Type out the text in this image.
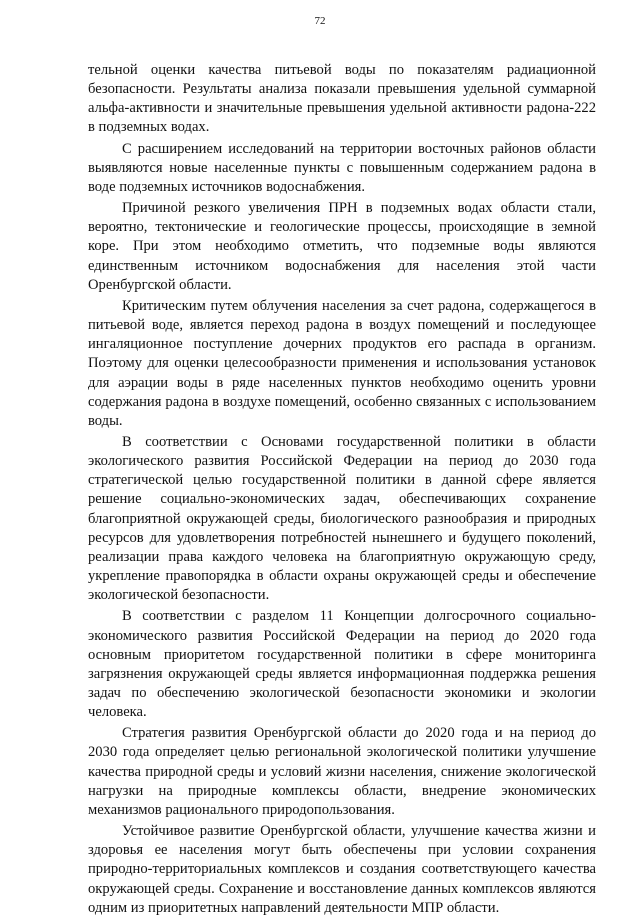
72

тельной оценки качества питьевой воды по показателям радиационной безопасности. Результаты анализа показали превышения удельной суммарной альфа-активности и значительные превышения удельной активности радона-222 в подземных водах.

С расширением исследований на территории восточных районов области выявляются новые населенные пункты с повышенным содержанием радона в воде подземных источников водоснабжения.

Причиной резкого увеличения ПРН в подземных водах области стали, вероятно, тектонические и геологические процессы, происходящие в земной коре. При этом необходимо отметить, что подземные воды являются единственным источником водоснабжения для населения этой части Оренбургской области.

Критическим путем облучения населения за счет радона, содержащегося в питьевой воде, является переход радона в воздух помещений и последующее ингаляционное поступление дочерних продуктов его распада в организм. Поэтому для оценки целесообразности применения и использования установок для аэрации воды в ряде населенных пунктов необходимо оценить уровни содержания радона в воздухе помещений, особенно связанных с использованием воды.

В соответствии с Основами государственной политики в области экологического развития Российской Федерации на период до 2030 года стратегической целью государственной политики в данной сфере является решение социально-экономических задач, обеспечивающих сохранение благоприятной окружающей среды, биологического разнообразия и природных ресурсов для удовлетворения потребностей нынешнего и будущего поколений, реализации права каждого человека на благоприятную окружающую среду, укрепление правопорядка в области охраны окружающей среды и обеспечение экологической безопасности.

В соответствии с разделом 11 Концепции долгосрочного социально-экономического развития Российской Федерации на период до 2020 года основным приоритетом государственной политики в сфере мониторинга загрязнения окружающей среды является информационная поддержка решения задач по обеспечению экологической безопасности экономики и экологии человека.

Стратегия развития Оренбургской области до 2020 года и на период до 2030 года определяет целью региональной экологической политики улучшение качества природной среды и условий жизни населения, снижение экологической нагрузки на природные комплексы области, внедрение экономических механизмов рационального природопользования.

Устойчивое развитие Оренбургской области, улучшение качества жизни и здоровья ее населения могут быть обеспечены при условии сохранения природно-территориальных комплексов и создания соответствующего качества окружающей среды. Сохранение и восстановление данных комплексов являются одним из приоритетных направлений деятельности МПР области.
